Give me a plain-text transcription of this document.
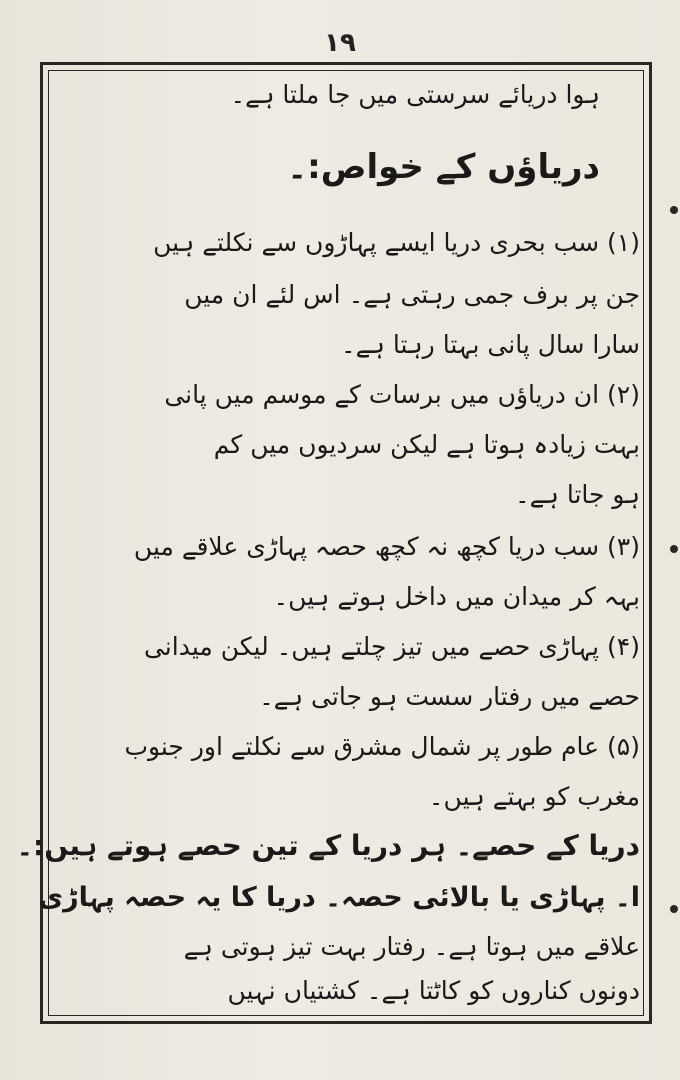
۱۹
ہوا دریائے سرستی میں جا ملتا ہے۔
دریاؤں کے خواص:۔
(۱) سب بحری دریا ایسے پہاڑوں سے نکلتے ہیں
جن پر برف جمی رہتی ہے۔ اس لئے ان میں
سارا سال پانی بہتا رہتا ہے۔
(۲) ان دریاؤں میں برسات کے موسم میں پانی
بہت زیادہ ہوتا ہے لیکن سردیوں میں کم
ہو جاتا ہے۔
(۳) سب دریا کچھ نہ کچھ حصہ پہاڑی علاقے میں
بہہ کر میدان میں داخل ہوتے ہیں۔
(۴) پہاڑی حصے میں تیز چلتے ہیں۔ لیکن میدانی
حصے میں رفتار سست ہو جاتی ہے۔
(۵) عام طور پر شمال مشرق سے نکلتے اور جنوب
مغرب کو بہتے ہیں۔
دریا کے حصے۔ ہر دریا کے تین حصے ہوتے ہیں:۔
ا۔ پہاڑی یا بالائی حصہ۔ دریا کا یہ حصہ پہاڑی
علاقے میں ہوتا ہے۔ رفتار بہت تیز ہوتی ہے
دونوں کناروں کو کاٹتا ہے۔ کشتیاں نہیں
